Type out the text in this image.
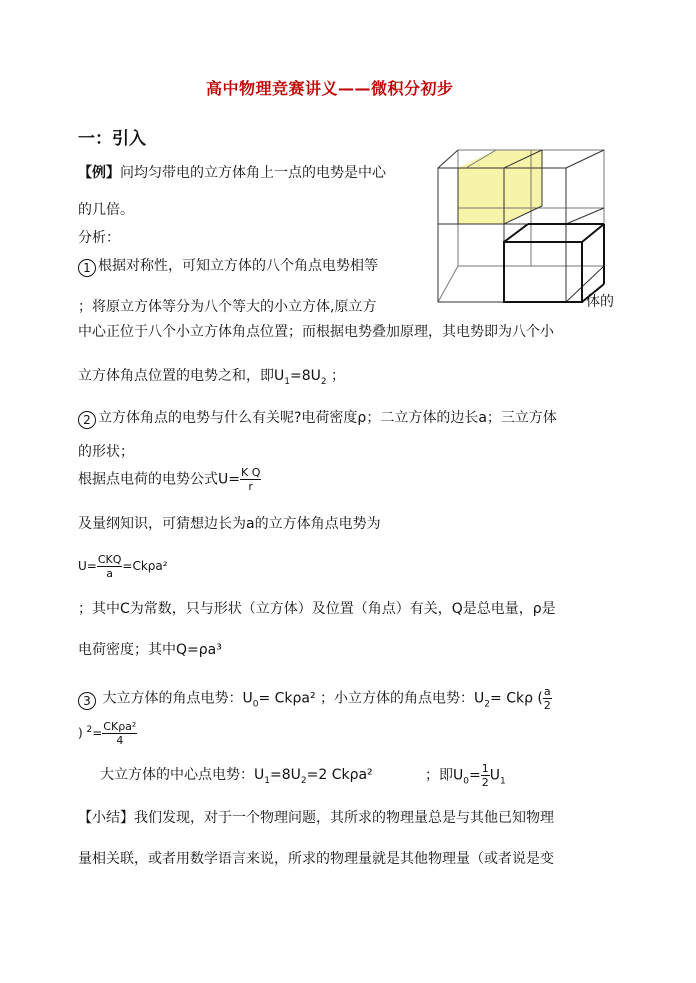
高中物理竞赛讲义——微积分初步
一：引入
【例】问均匀带电的立方体角上一点的电势是中心
的几倍。
分析：
1 根据对称性，可知立方体的八个角点电势相等
；将原立方体等分为八个等大的小立方体,原立方	体的
中心正位于八个小立方体角点位置；而根据电势叠加原理，其电势即为八个小
立方体角点位置的电势之和，即$U_1=8U_2$ ；
2 立方体角点的电势与什么有关呢?电荷密度ρ；二立方体的边长a；三立方体
的形状；
根据点电荷的电势公式$U= \frac{\text{K Q}}{r}$
及量纲知识，可猜想边长为a的立方体角点电势为
$U= \frac{\text{CKQ}}{a} =Ck\rho a^2$
；其中C为常数，只与形状（立方体）及位置（角点）有关，Q是总电量，ρ是
电荷密度；其中Q=ρa³
3 大立方体的角点电势：$U_0= Ck\rho a^2$ ；小立方体的角点电势：$U_2= Ck\rho$ ( $\frac{a}{2}$
) $^2= \frac{\text{CKρa²}}{4}$
大立方体的中心点电势：$U_1=8U_2=2$ Ckρa²	；即$U_0= \frac{1}{2} U_1$
【小结】我们发现，对于一个物理问题，其所求的物理量总是与其他已知物理
量相关联，或者用数学语言来说，所求的物理量就是其他物理量（或者说是变
